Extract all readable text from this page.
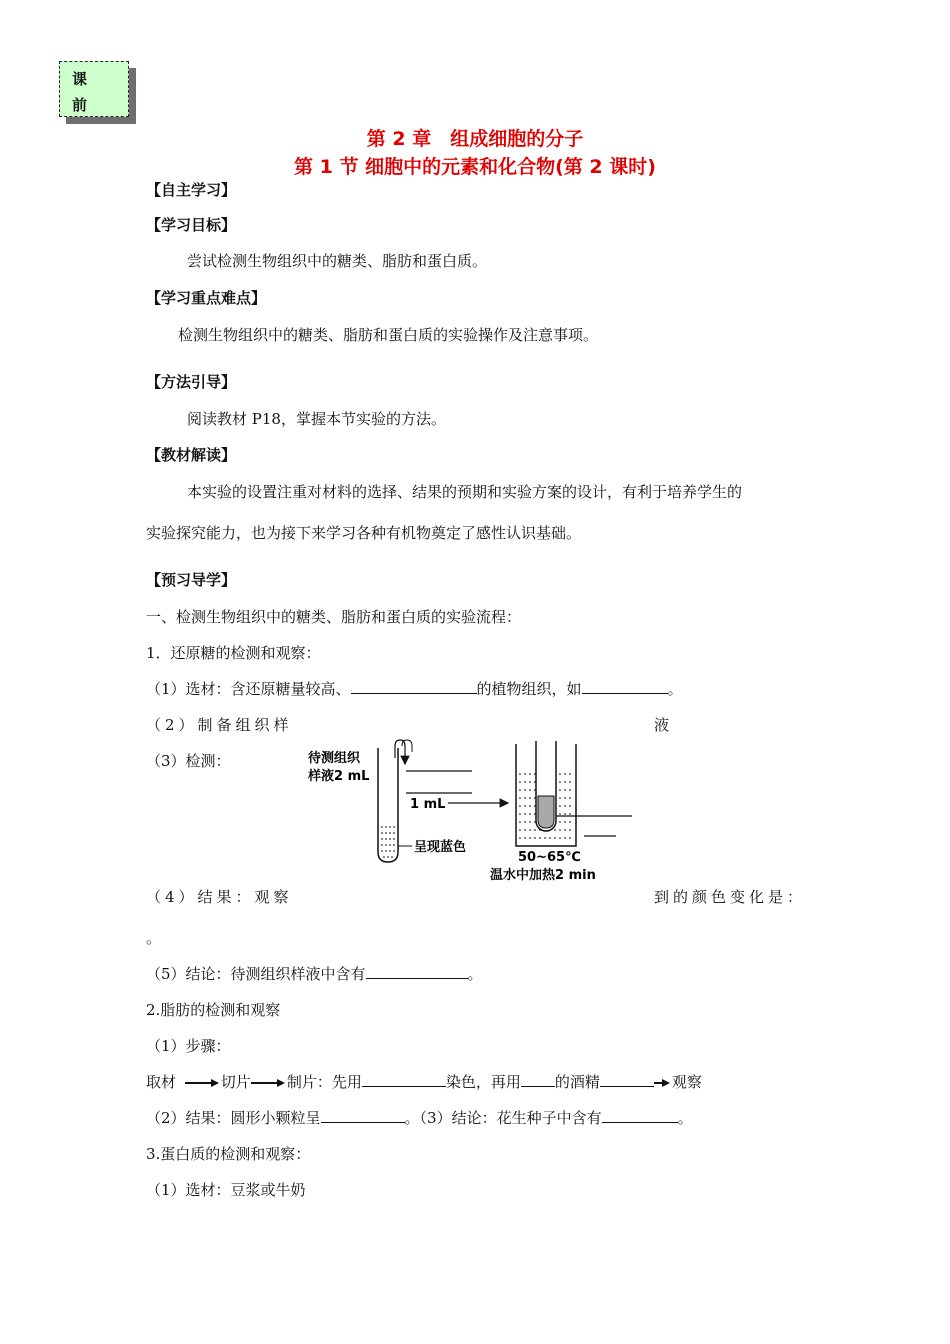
课
前
第 2 章　组成细胞的分子
第 1 节 细胞中的元素和化合物(第 2 课时)
【自主学习】
【学习目标】
尝试检测生物组织中的糖类、脂肪和蛋白质。
【学习重点难点】
检测生物组织中的糖类、脂肪和蛋白质的实验操作及注意事项。
【方法引导】
阅读教材 P18，掌握本节实验的方法。
【教材解读】
本实验的设置注重对材料的选择、结果的预期和实验方案的设计，有利于培养学生的
实验探究能力，也为接下来学习各种有机物奠定了感性认识基础。
【预习导学】
一、检测生物组织中的糖类、脂肪和蛋白质的实验流程：
1．还原糖的检测和观察：
（1）选材：含还原糖量较高、	的植物组织，如	。
（2）制备组织样	液
（3）检测：	待测组织
样液2 mL
1 mL
呈现蓝色
50~65℃
温水中加热2 min
（4）结果：观察	到的颜色变化是：
。
（5）结论：待测组织样液中含有	。
2.脂肪的检测和观察
（1）步骤：
取材	切片 制片：先用	染色，再用 的酒精	观察
（2）结果：圆形小颗粒呈	。（3）结论：花生种子中含有	。
3.蛋白质的检测和观察：
（1）选材：豆浆或牛奶
